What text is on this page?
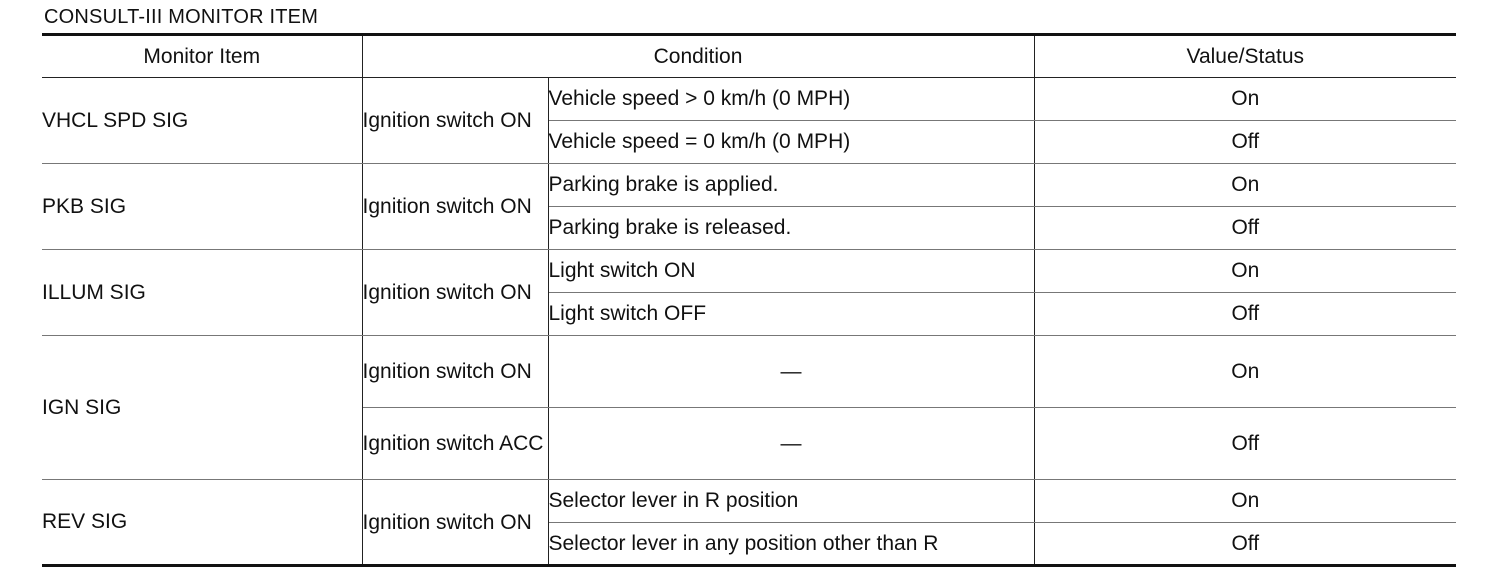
CONSULT-III MONITOR ITEM
Monitor Item	Condition		Value/Status
VHCL SPD SIG	Ignition switch ON	Vehicle speed > 0 km/h (0 MPH)	On
		Vehicle speed = 0 km/h (0 MPH)	Off
PKB SIG	Ignition switch ON	Parking brake is applied.	On
		Parking brake is released.	Off
ILLUM SIG	Ignition switch ON	Light switch ON	On
		Light switch OFF	Off
IGN SIG	Ignition switch ON	—	On
	Ignition switch ACC	—	Off
REV SIG	Ignition switch ON	Selector lever in R position	On
		Selector lever in any position other than R	Off
